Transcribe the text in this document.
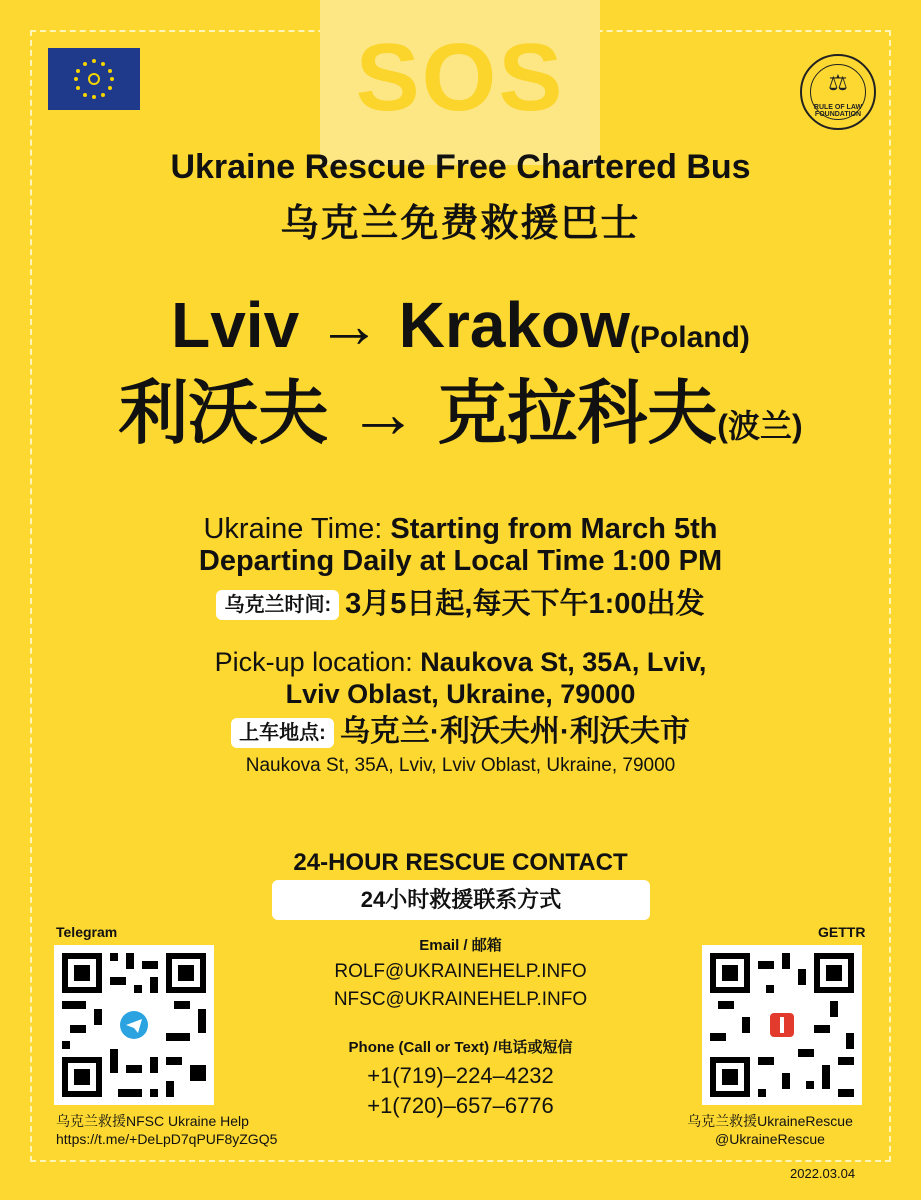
SOS	⚖
RULE OF LAW FOUNDATION
Ukraine Rescue Free Chartered Bus
乌克兰免费救援巴士
Lviv → Krakow(Poland)
利沃夫 → 克拉科夫(波兰)
Ukraine Time: Starting from March 5th
Departing Daily at Local Time 1:00 PM
乌克兰时间: 3月5日起,每天下午1:00出发
Pick-up location: Naukova St, 35A, Lviv,
Lviv Oblast, Ukraine, 79000
上车地点: 乌克兰·利沃夫州·利沃夫市
Naukova St, 35A, Lviv, Lviv Oblast, Ukraine, 79000
24-HOUR RESCUE CONTACT
24小时救援联系方式
Telegram
乌克兰救援NFSC Ukraine Help
https://t.me/+DeLpD7qPUF8yZGQ5
GETTR
乌克兰救援UkraineRescue
@UkraineRescue
Email / 邮箱
ROLF@UKRAINEHELP.INFO
NFSC@UKRAINEHELP.INFO
Phone (Call or Text) /电话或短信
+1(719)–224–4232
+1(720)–657–6776
2022.03.04
